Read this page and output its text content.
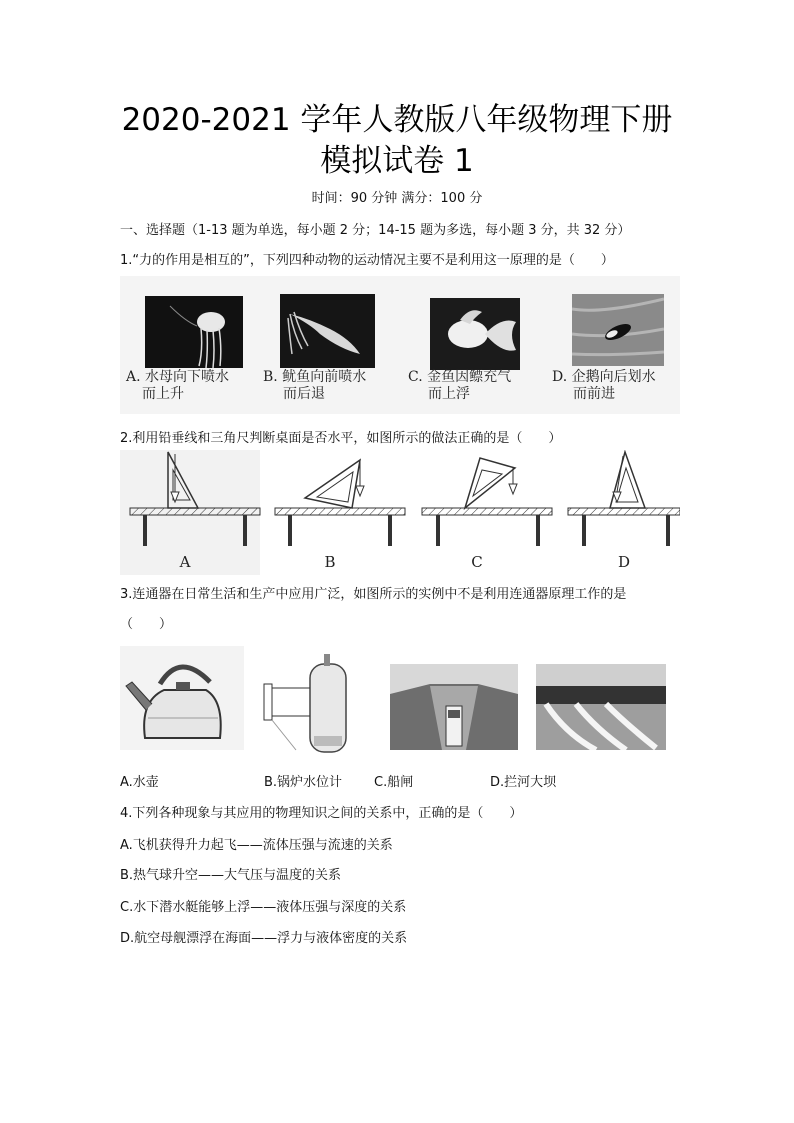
2020-2021 学年人教版八年级物理下册
模拟试卷 1
时间：90 分钟 满分：100 分
一、选择题（1-13 题为单选，每小题 2 分；14-15 题为多选，每小题 3 分，共 32 分）
1.“力的作用是相互的”，下列四种动物的运动情况主要不是利用这一原理的是（　　）
A. 水母向下喷水
而上升
B. 鱿鱼向前喷水
而后退
C. 金鱼因鳔充气
而上浮
D. 企鹅向后划水
而前进
2.利用铅垂线和三角尺判断桌面是否水平，如图所示的做法正确的是（　　）
A	B	C	D
3.连通器在日常生活和生产中应用广泛，如图所示的实例中不是利用连通器原理工作的是
（　　）
A.水壶	B.锅炉水位计 C.船闸	D.拦河大坝
4.下列各种现象与其应用的物理知识之间的关系中，正确的是（　　）
A.飞机获得升力起飞——流体压强与流速的关系
B.热气球升空——大气压与温度的关系
C.水下潜水艇能够上浮——液体压强与深度的关系
D.航空母舰漂浮在海面——浮力与液体密度的关系
